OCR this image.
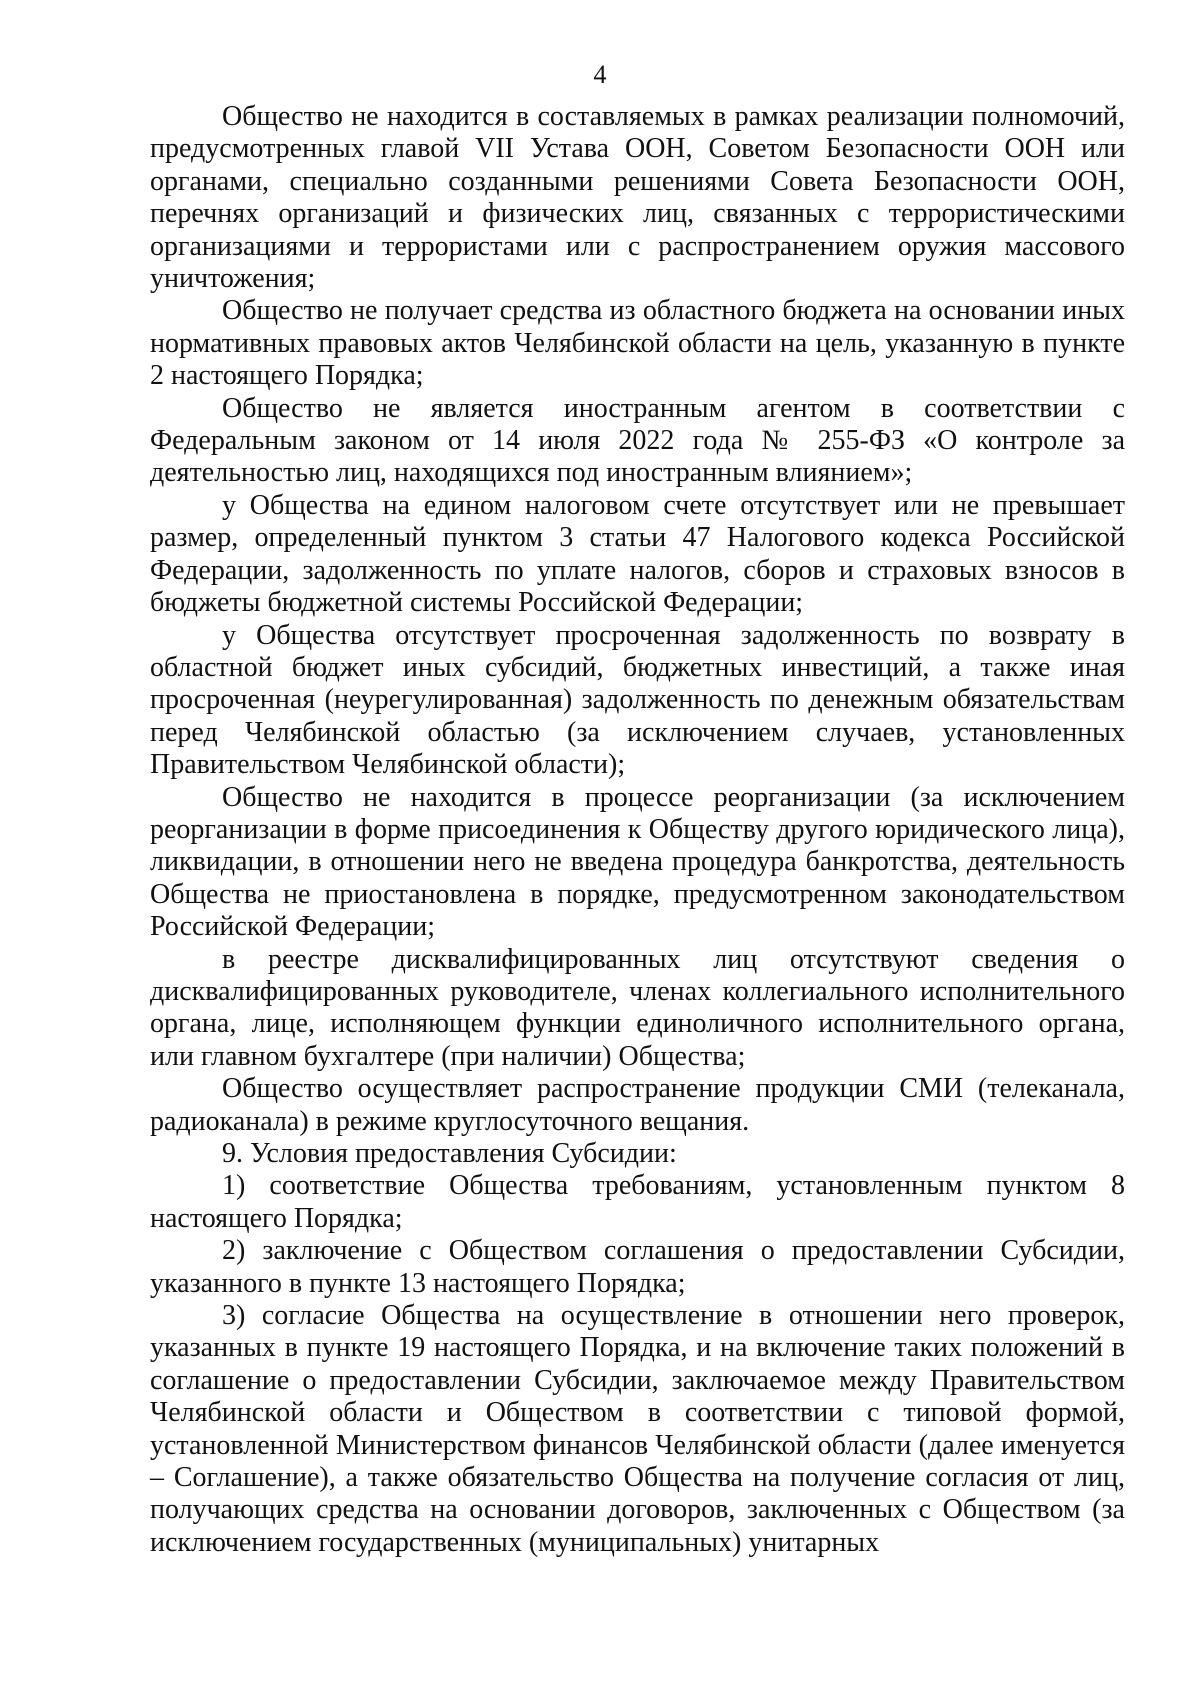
4

Общество не находится в составляемых в рамках реализации полномочий, предусмотренных главой VII Устава ООН, Советом Безопасности ООН или органами, специально созданными решениями Совета Безопасности ООН, перечнях организаций и физических лиц, связанных с террористическими организациями и террористами или с распространением оружия массового уничтожения;

Общество не получает средства из областного бюджета на основании иных нормативных правовых актов Челябинской области на цель, указанную в пункте 2 настоящего Порядка;

Общество не является иностранным агентом в соответствии с Федеральным законом от 14 июля 2022 года № 255-ФЗ «О контроле за деятельностью лиц, находящихся под иностранным влиянием»;

у Общества на едином налоговом счете отсутствует или не превышает размер, определенный пунктом 3 статьи 47 Налогового кодекса Российской Федерации, задолженность по уплате налогов, сборов и страховых взносов в бюджеты бюджетной системы Российской Федерации;

у Общества отсутствует просроченная задолженность по возврату в областной бюджет иных субсидий, бюджетных инвестиций, а также иная просроченная (неурегулированная) задолженность по денежным обязательствам перед Челябинской областью (за исключением случаев, установленных Правительством Челябинской области);

Общество не находится в процессе реорганизации (за исключением реорганизации в форме присоединения к Обществу другого юридического лица), ликвидации, в отношении него не введена процедура банкротства, деятельность Общества не приостановлена в порядке, предусмотренном законодательством Российской Федерации;

в реестре дисквалифицированных лиц отсутствуют сведения о дисквалифицированных руководителе, членах коллегиального исполнительного органа, лице, исполняющем функции единоличного исполнительного органа, или главном бухгалтере (при наличии) Общества;

Общество осуществляет распространение продукции СМИ (телеканала, радиоканала) в режиме круглосуточного вещания.

9. Условия предоставления Субсидии:

1) соответствие Общества требованиям, установленным пунктом 8 настоящего Порядка;

2) заключение с Обществом соглашения о предоставлении Субсидии, указанного в пункте 13 настоящего Порядка;

3) согласие Общества на осуществление в отношении него проверок, указанных в пункте 19 настоящего Порядка, и на включение таких положений в соглашение о предоставлении Субсидии, заключаемое между Правительством Челябинской области и Обществом в соответствии с типовой формой, установленной Министерством финансов Челябинской области (далее именуется – Соглашение), а также обязательство Общества на получение согласия от лиц, получающих средства на основании договоров, заключенных с Обществом (за исключением государственных (муниципальных) унитарных
